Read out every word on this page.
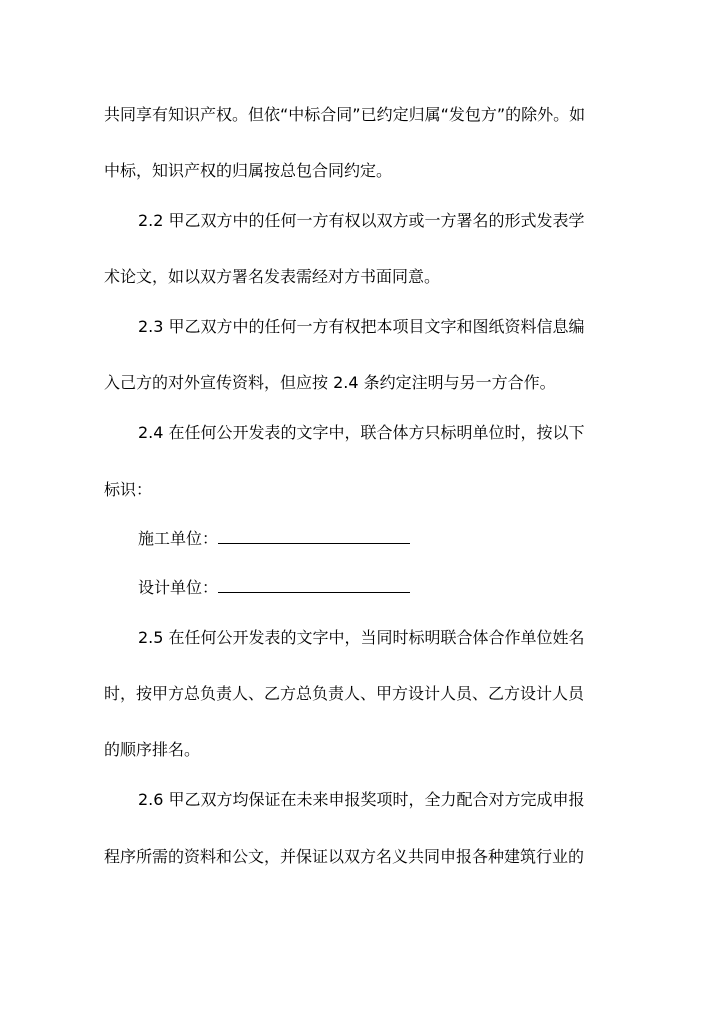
共同享有知识产权。但依“中标合同”已约定归属“发包方”的除外。如
中标，知识产权的归属按总包合同约定。
2.2 甲乙双方中的任何一方有权以双方或一方署名的形式发表学
术论文，如以双方署名发表需经对方书面同意。
2.3 甲乙双方中的任何一方有权把本项目文字和图纸资料信息编
入己方的对外宣传资料，但应按 2.4 条约定注明与另一方合作。
2.4 在任何公开发表的文字中，联合体方只标明单位时，按以下
标识：
施工单位：
设计单位：
2.5 在任何公开发表的文字中，当同时标明联合体合作单位姓名
时，按甲方总负责人、乙方总负责人、甲方设计人员、乙方设计人员
的顺序排名。
2.6 甲乙双方均保证在未来申报奖项时，全力配合对方完成申报
程序所需的资料和公文，并保证以双方名义共同申报各种建筑行业的
